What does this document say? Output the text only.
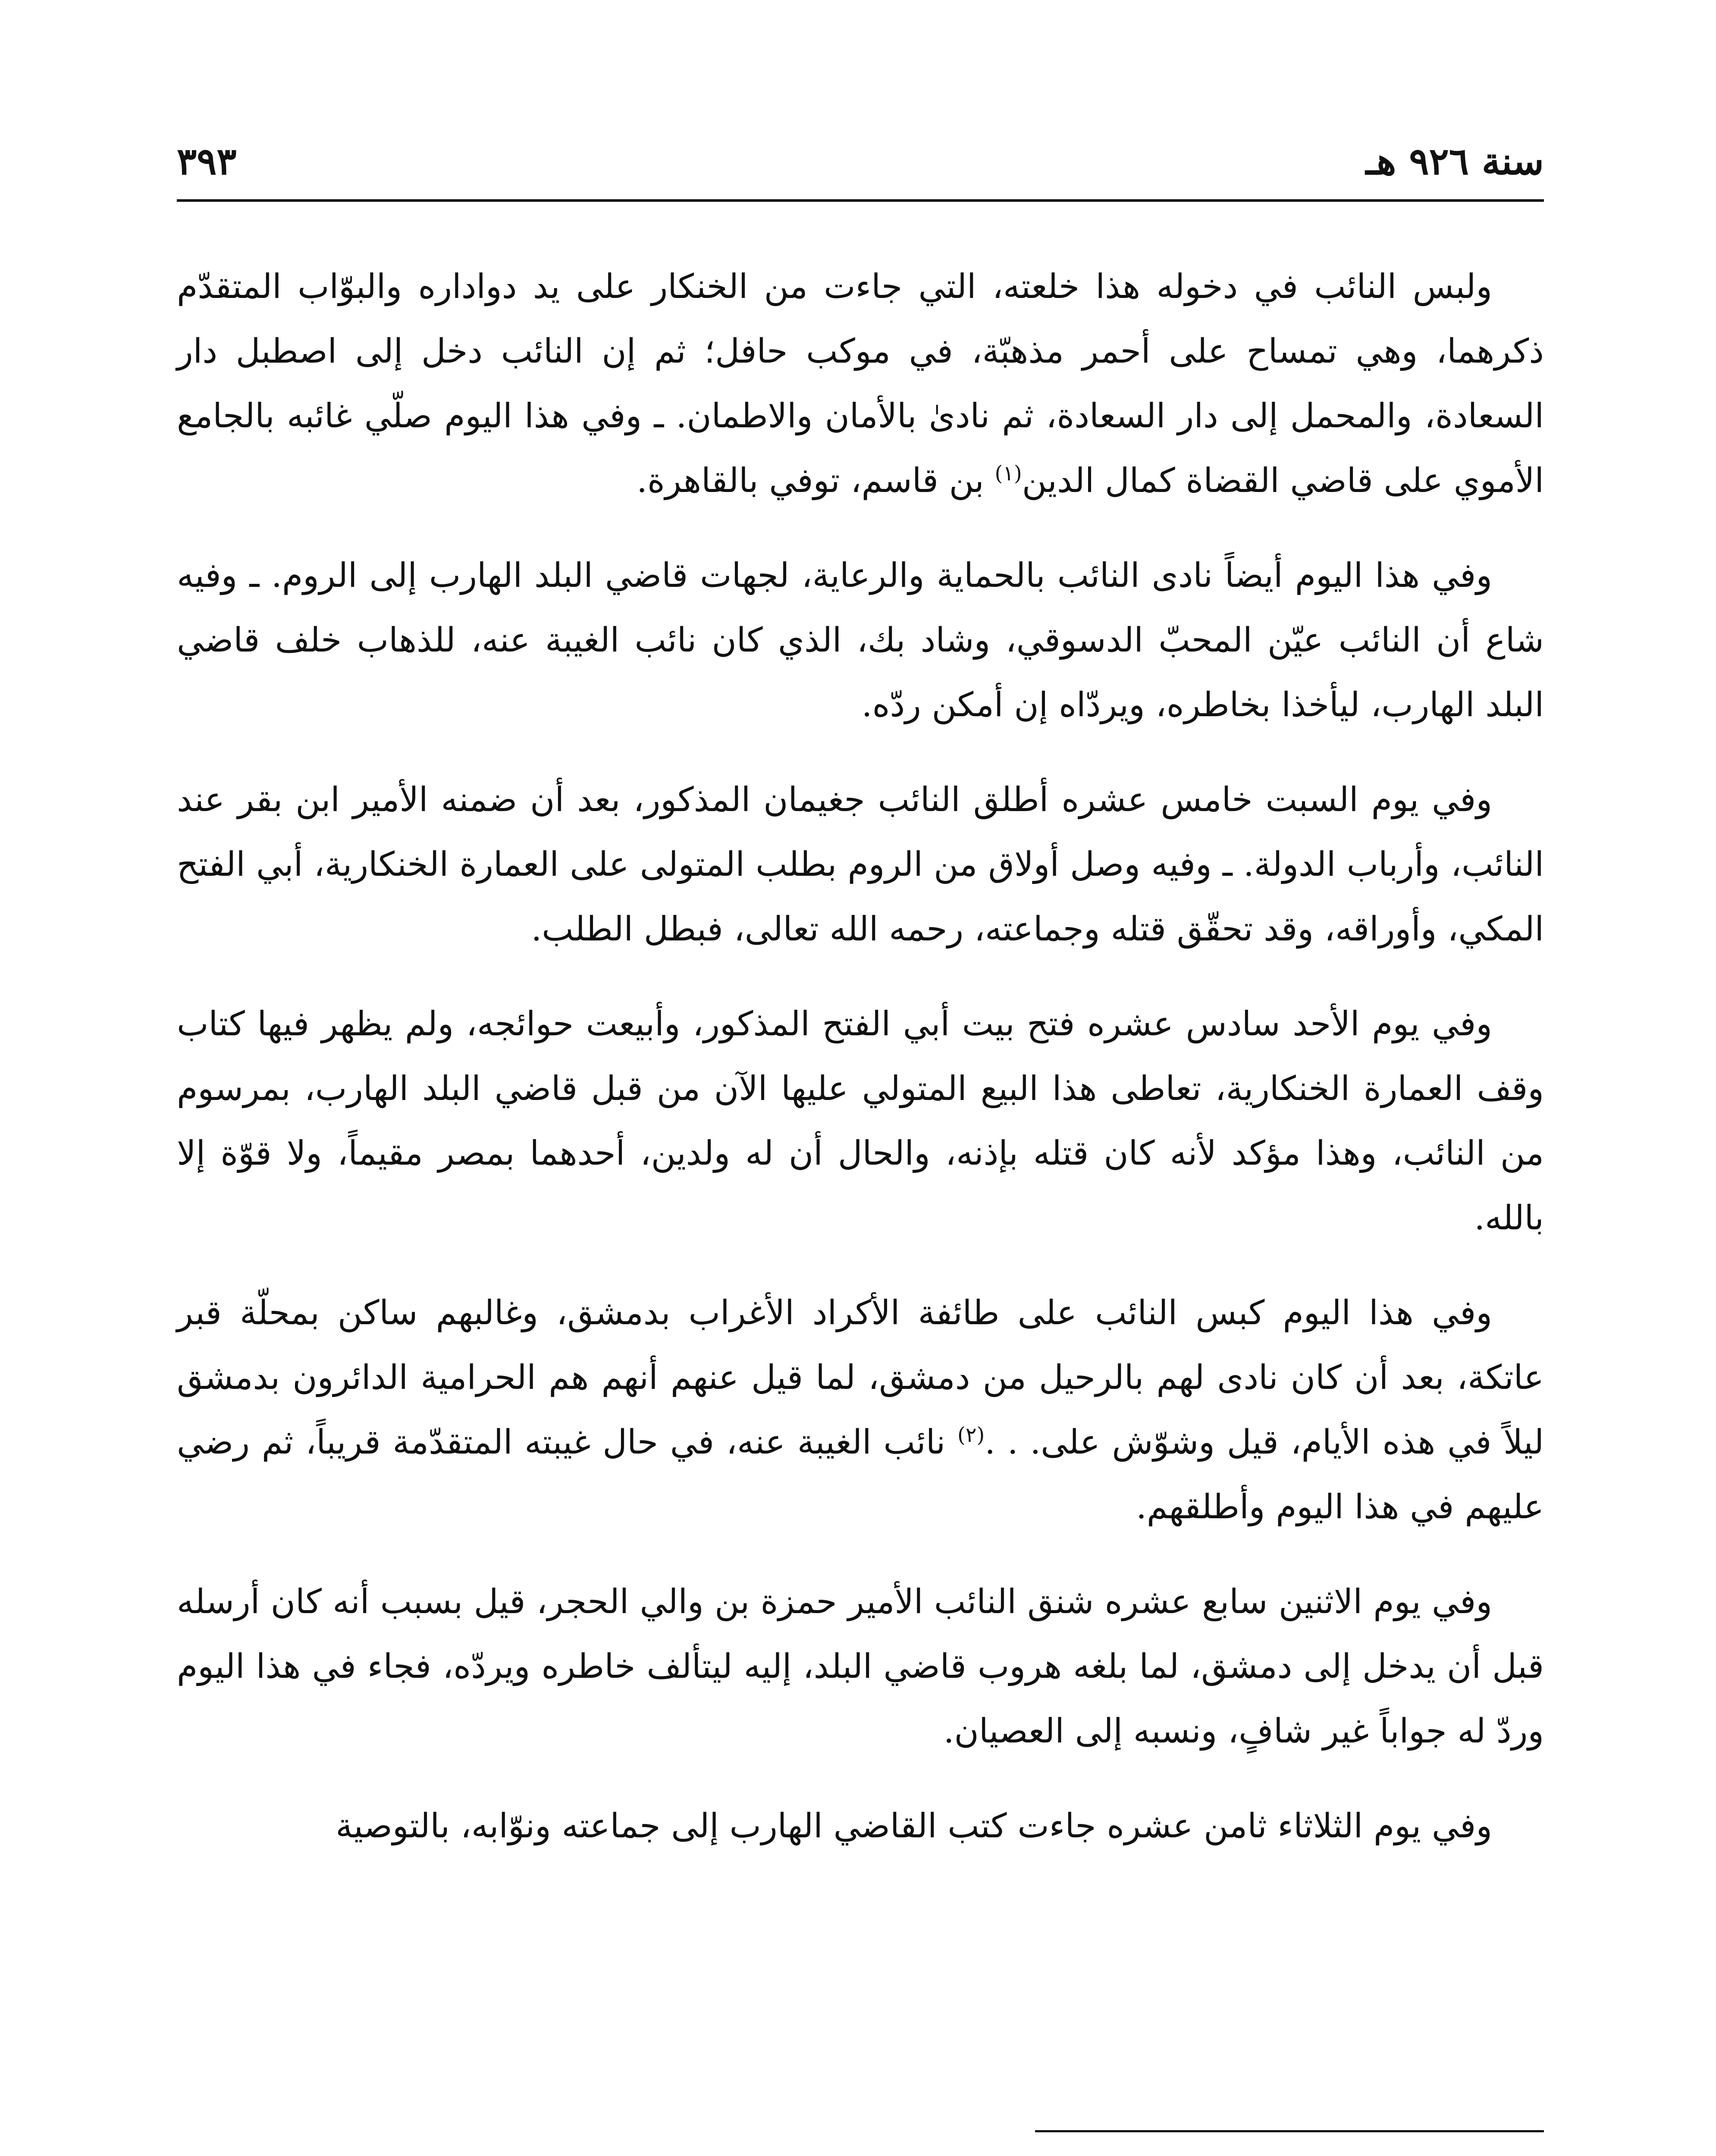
سنة ٩٢٦ هـ
٣٩٣

ولبس النائب في دخوله هذا خلعته، التي جاءت من الخنكار على يد دواداره والبوّاب المتقدّم ذكرهما، وهي تمساح على أحمر مذهبّة، في موكب حافل؛ ثم إن النائب دخل إلى اصطبل دار السعادة، والمحمل إلى دار السعادة، ثم نادىٰ بالأمان والاطمان. ـ وفي هذا اليوم صلّي غائبه بالجامع الأموي على قاضي القضاة كمال الدين$^{(١)}$ بن قاسم، توفي بالقاهرة.

وفي هذا اليوم أيضاً نادى النائب بالحماية والرعاية، لجهات قاضي البلد الهارب إلى الروم. ـ وفيه شاع أن النائب عيّن المحبّ الدسوقي، وشاد بك، الذي كان نائب الغيبة عنه، للذهاب خلف قاضي البلد الهارب، ليأخذا بخاطره، ويردّاه إن أمكن ردّه.

وفي يوم السبت خامس عشره أطلق النائب جغيمان المذكور، بعد أن ضمنه الأمير ابن بقر عند النائب، وأرباب الدولة. ـ وفيه وصل أولاق من الروم بطلب المتولى على العمارة الخنكارية، أبي الفتح المكي، وأوراقه، وقد تحقّق قتله وجماعته، رحمه الله تعالى، فبطل الطلب.

وفي يوم الأحد سادس عشره فتح بيت أبي الفتح المذكور، وأبيعت حوائجه، ولم يظهر فيها كتاب وقف العمارة الخنكارية، تعاطى هذا البيع المتولي عليها الآن من قبل قاضي البلد الهارب، بمرسوم من النائب، وهذا مؤكد لأنه كان قتله بإذنه، والحال أن له ولدين، أحدهما بمصر مقيماً، ولا قوّة إلا بالله.

وفي هذا اليوم كبس النائب على طائفة الأكراد الأغراب بدمشق، وغالبهم ساكن بمحلّة قبر عاتكة، بعد أن كان نادى لهم بالرحيل من دمشق، لما قيل عنهم أنهم هم الحرامية الدائرون بدمشق ليلاً في هذه الأيام، قيل وشوّش على. . .$^{(٢)}$ نائب الغيبة عنه، في حال غيبته المتقدّمة قريباً، ثم رضي عليهم في هذا اليوم وأطلقهم.

وفي يوم الاثنين سابع عشره شنق النائب الأمير حمزة بن والي الحجر، قيل بسبب أنه كان أرسله قبل أن يدخل إلى دمشق، لما بلغه هروب قاضي البلد، إليه ليتألف خاطره ويردّه، فجاء في هذا اليوم وردّ له جواباً غير شافٍ، ونسبه إلى العصيان.

وفي يوم الثلاثاء ثامن عشره جاءت كتب القاضي الهارب إلى جماعته ونوّابه، بالتوصية
